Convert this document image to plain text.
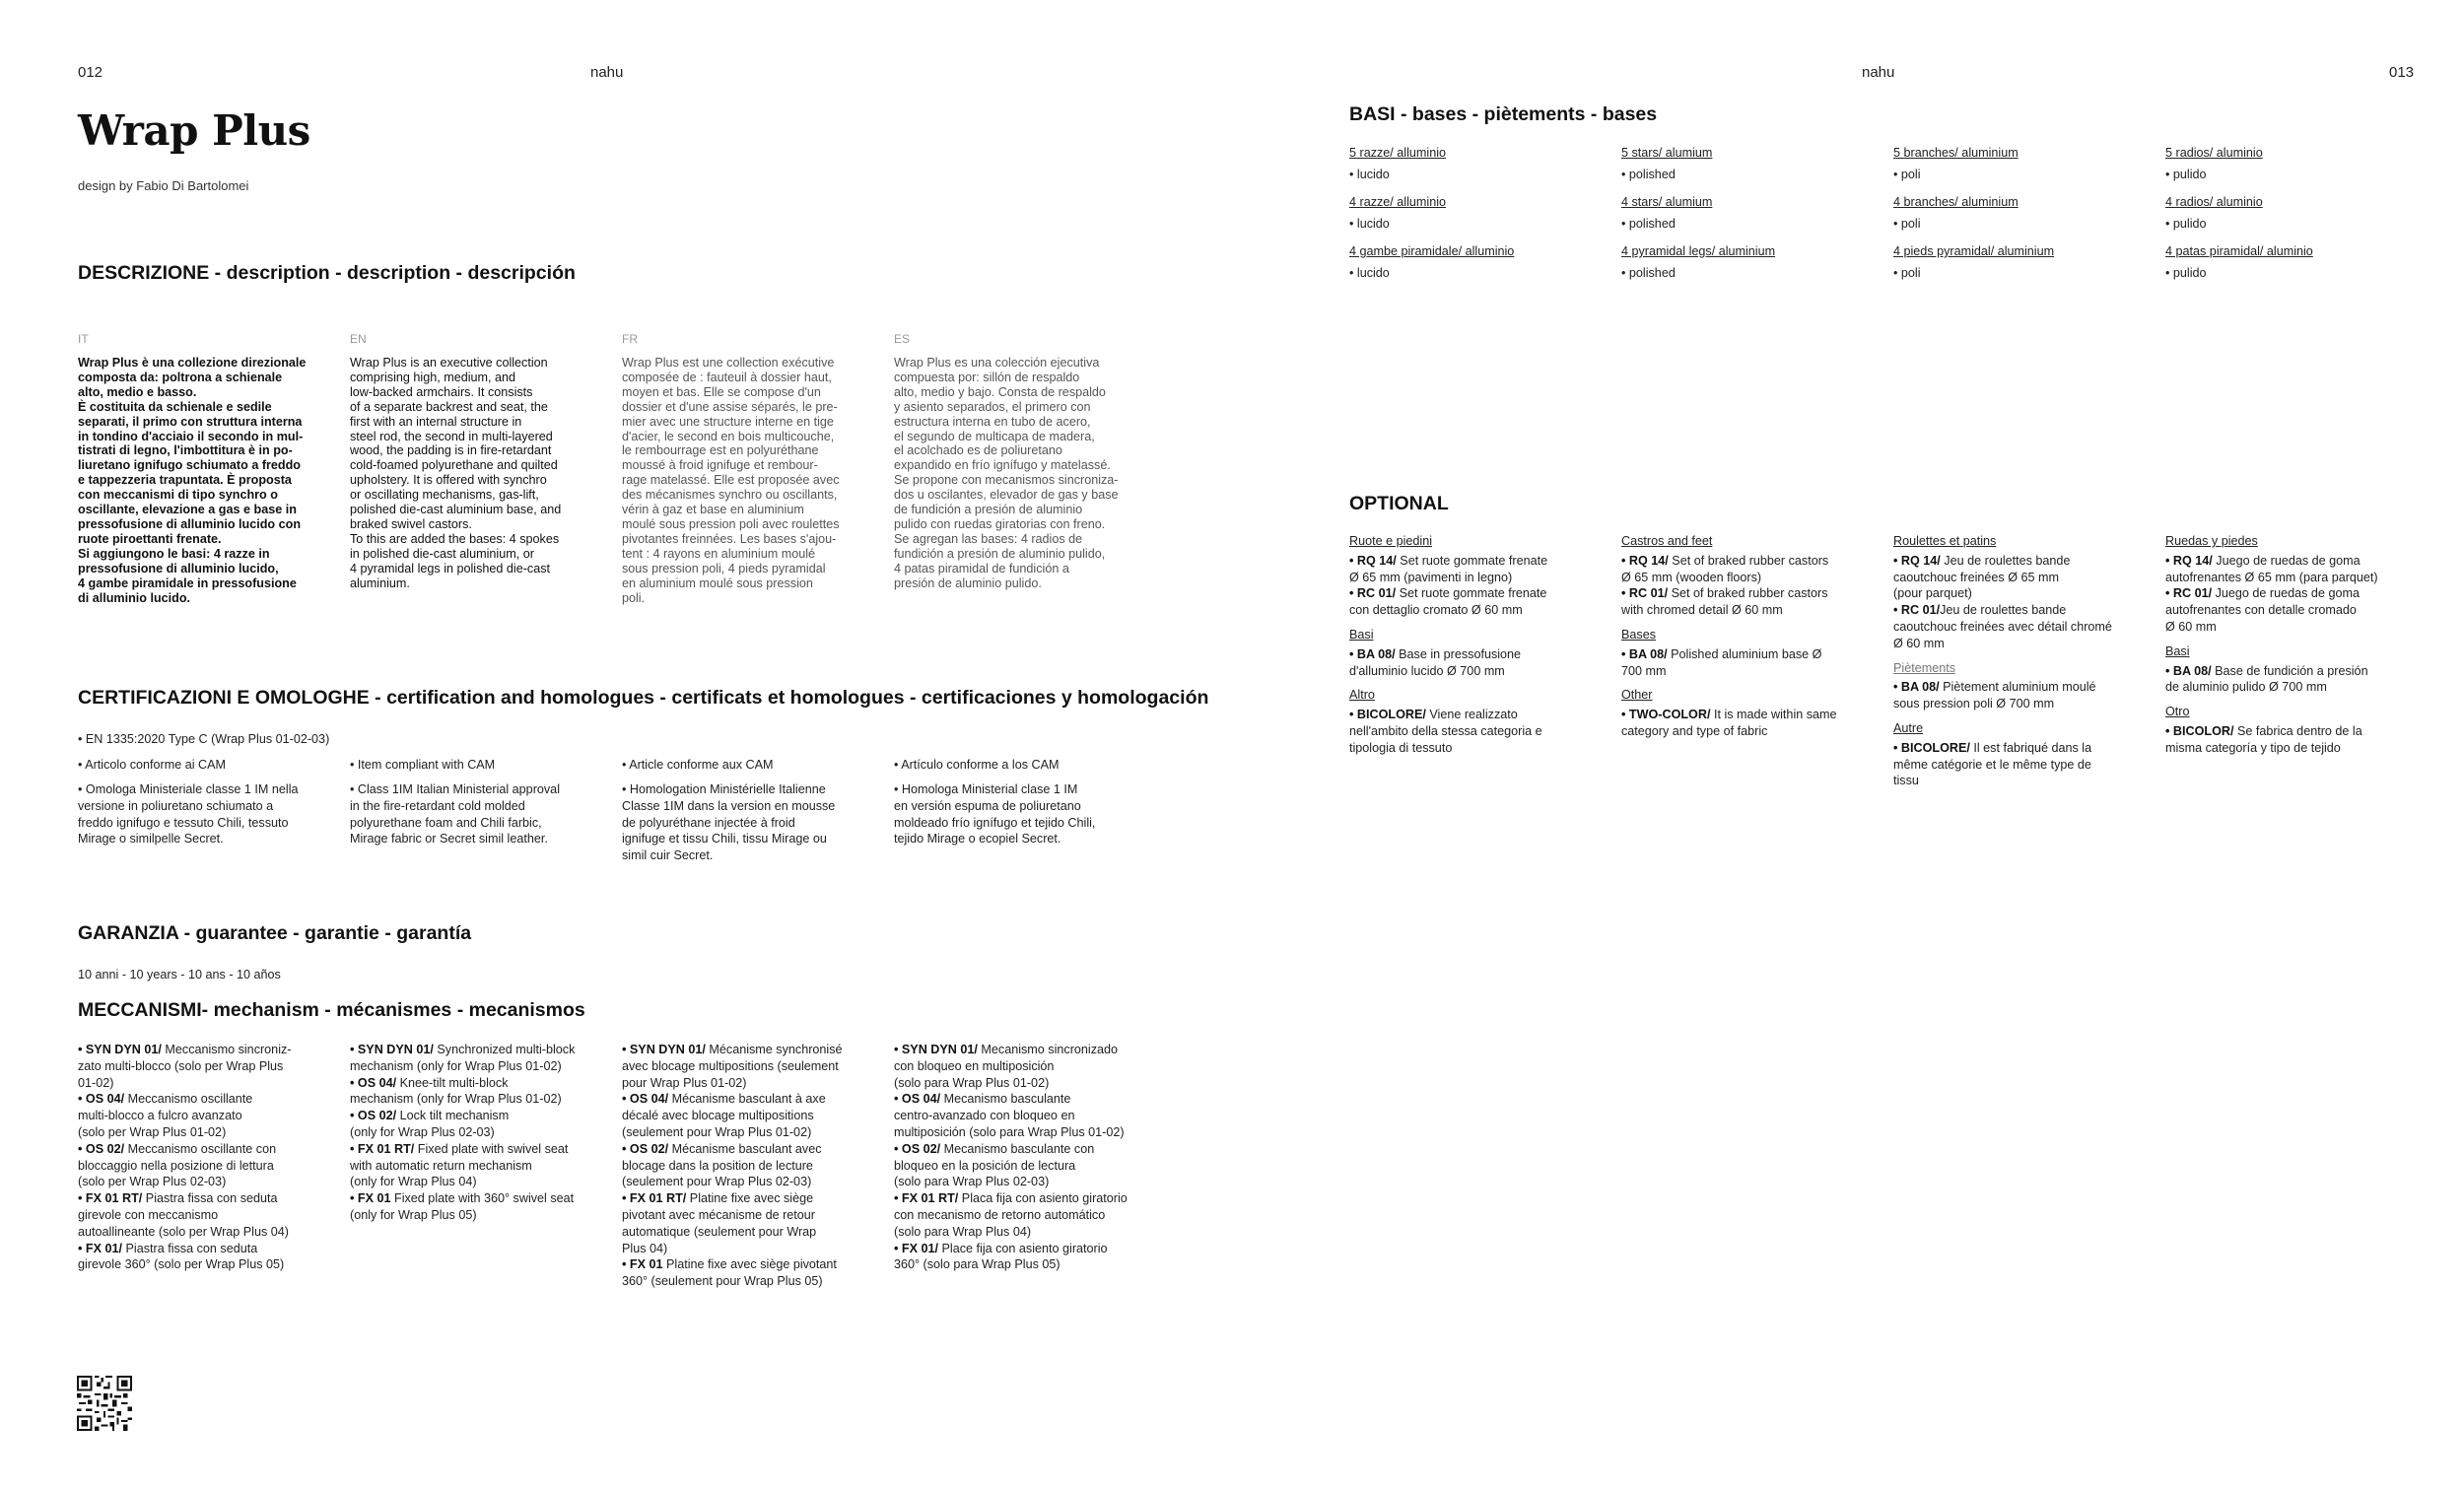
012	nahu	nahu	013
Wrap Plus
design by Fabio Di Bartolomei
DESCRIZIONE - description - description - descripción
IT

Wrap Plus è una collezione direzionale

composta da: poltrona a schienale

alto, medio e basso.

È costituita da schienale e sedile

separati, il primo con struttura interna

in tondino d'acciaio il secondo in mul-

tistrati di legno, l'imbottitura è in po-

liuretano ignifugo schiumato a freddo

e tappezzeria trapuntata. È proposta

con meccanismi di tipo synchro o

oscillante, elevazione a gas e base in

pressofusione di alluminio lucido con

ruote piroettanti frenate.

Si aggiungono le basi: 4 razze in

pressofusione di alluminio lucido,

4 gambe piramidale in pressofusione

di alluminio lucido.

EN

Wrap Plus is an executive collection

comprising high, medium, and

low-backed armchairs. It consists

of a separate backrest and seat, the

first with an internal structure in

steel rod, the second in multi-layered

wood, the padding is in fire-retardant

cold-foamed polyurethane and quilted

upholstery. It is offered with synchro

or oscillating mechanisms, gas-lift,

polished die-cast aluminium base, and

braked swivel castors.

To this are added the bases: 4 spokes

in polished die-cast aluminium, or

4 pyramidal legs in polished die-cast

aluminium.

FR

Wrap Plus est une collection exécutive

composée de : fauteuil à dossier haut,

moyen et bas. Elle se compose d'un

dossier et d'une assise séparés, le pre-

mier avec une structure interne en tige

d'acier, le second en bois multicouche,

le rembourrage est en polyuréthane

moussé à froid ignifuge et rembour-

rage matelassé. Elle est proposée avec

des mécanismes synchro ou oscillants,

vérin à gaz et base en aluminium

moulé sous pression poli avec roulettes

pivotantes freinnées. Les bases s'ajou-

tent : 4 rayons en aluminium moulé

sous pression poli, 4 pieds pyramidal

en aluminium moulé sous pression

poli.

ES

Wrap Plus es una colección ejecutiva

compuesta por: sillón de respaldo

alto, medio y bajo. Consta de respaldo

y asiento separados, el primero con

estructura interna en tubo de acero,

el segundo de multicapa de madera,

el acolchado es de poliuretano

expandido en frío ignífugo y matelassé.

Se propone con mecanismos sincroniza-

dos u oscilantes, elevador de gas y base

de fundición a presión de aluminio

pulido con ruedas giratorias con freno.

Se agregan las bases: 4 radios de

fundición a presión de aluminio pulido,

4 patas piramidal de fundición a

presión de aluminio pulido.

CERTIFICAZIONI E OMOLOGHE - certification and homologues - certificats et homologues - certificaciones y homologación
• EN 1335:2020 Type C (Wrap Plus 01-02-03)
• Articolo conforme ai CAM

• Omologa Ministeriale classe 1 IM nella

versione in poliuretano schiumato a

freddo ignifugo e tessuto Chili, tessuto

Mirage o similpelle Secret.

• Item compliant with CAM

• Class 1IM Italian Ministerial approval

in the fire-retardant cold molded

polyurethane foam and Chili farbic,

Mirage fabric or Secret simil leather.

• Article conforme aux CAM

• Homologation Ministérielle Italienne

Classe 1IM dans la version en mousse

de polyuréthane injectée à froid

ignifuge et tissu Chili, tissu Mirage ou

simil cuir Secret.

• Artículo conforme a los CAM

• Homologa Ministerial clase 1 IM

en versión espuma de poliuretano

moldeado frío ignífugo et tejido Chili,

tejido Mirage o ecopiel Secret.

GARANZIA - guarantee - garantie - garantía
10 anni - 10 years - 10 ans - 10 años
MECCANISMI- mechanism - mécanismes - mecanismos

• SYN DYN 01/ Meccanismo sincroniz-

zato multi-blocco (solo per Wrap Plus

01-02)

• OS 04/ Meccanismo oscillante

multi-blocco a fulcro avanzato

(solo per Wrap Plus 01-02)

• OS 02/ Meccanismo oscillante con

bloccaggio nella posizione di lettura

(solo per Wrap Plus 02-03)

• FX 01 RT/ Piastra fissa con seduta

girevole con meccanismo

autoallineante (solo per Wrap Plus 04)

• FX 01/ Piastra fissa con seduta

girevole 360° (solo per Wrap Plus 05)

• SYN DYN 01/ Synchronized multi-block

mechanism (only for Wrap Plus 01-02)

• OS 04/ Knee-tilt multi-block

mechanism (only for Wrap Plus 01-02)

• OS 02/ Lock tilt mechanism

(only for Wrap Plus 02-03)

• FX 01 RT/ Fixed plate with swivel seat

with automatic return mechanism

(only for Wrap Plus 04)

• FX 01 Fixed plate with 360° swivel seat

(only for Wrap Plus 05)

• SYN DYN 01/ Mécanisme synchronisé

avec blocage multipositions (seulement

pour Wrap Plus 01-02)

• OS 04/ Mécanisme basculant à axe

décalé avec blocage multipositions

(seulement pour Wrap Plus 01-02)

• OS 02/ Mécanisme basculant avec

blocage dans la position de lecture

(seulement pour Wrap Plus 02-03)

• FX 01 RT/ Platine fixe avec siège

pivotant avec mécanisme de retour

automatique (seulement pour Wrap

Plus 04)

• FX 01 Platine fixe avec siège pivotant

360° (seulement pour Wrap Plus 05)

• SYN DYN 01/ Mecanismo sincronizado

con bloqueo en multiposición

(solo para Wrap Plus 01-02)

• OS 04/ Mecanismo basculante

centro-avanzado con bloqueo en

multiposición (solo para Wrap Plus 01-02)

• OS 02/ Mecanismo basculante con

bloqueo en la posición de lectura

(solo para Wrap Plus 02-03)

• FX 01 RT/ Placa fija con asiento giratorio

con mecanismo de retorno automático

(solo para Wrap Plus 04)

• FX 01/ Place fija con asiento giratorio

360° (solo para Wrap Plus 05)

BASI - bases - piètements - bases
5 razze/ alluminio
• lucido
4 razze/ alluminio
• lucido
4 gambe piramidale/ alluminio
• lucido
5 stars/ alumium
• polished
4 stars/ alumium
• polished
4 pyramidal legs/ aluminium
• polished
5 branches/ aluminium
• poli
4 branches/ aluminium
• poli
4 pieds pyramidal/ aluminium
• poli
5 radios/ aluminio
• pulido
4 radios/ aluminio
• pulido
4 patas piramidal/ aluminio
• pulido
OPTIONAL

Ruote e piedini

• RQ 14/ Set ruote gommate frenate

Ø 65 mm (pavimenti in legno)

• RC 01/ Set ruote gommate frenate

con dettaglio cromato Ø 60 mm

Basi

• BA 08/ Base in pressofusione

d'alluminio lucido Ø 700 mm

Altro

• BICOLORE/ Viene realizzato

nell'ambito della stessa categoria e

tipologia di tessuto

Castros and feet

• RQ 14/ Set of braked rubber castors

Ø 65 mm (wooden floors)

• RC 01/ Set of braked rubber castors

with chromed detail Ø 60 mm

Bases

• BA 08/ Polished aluminium base Ø

700 mm

Other

• TWO-COLOR/ It is made within same

category and type of fabric

Roulettes et patins

• RQ 14/ Jeu de roulettes bande

caoutchouc freinées Ø 65 mm

(pour parquet)

• RC 01/Jeu de roulettes bande

caoutchouc freinées avec détail chromé

Ø 60 mm

Piètements

• BA 08/ Piètement aluminium moulé

sous pression poli Ø 700 mm

Autre

• BICOLORE/ Il est fabriqué dans la

même catégorie et le même type de

tissu

Ruedas y piedes

• RQ 14/ Juego de ruedas de goma

autofrenantes Ø 65 mm (para parquet)

• RC 01/ Juego de ruedas de goma

autofrenantes con detalle cromado

Ø 60 mm

Basi

• BA 08/ Base de fundición a presión

de aluminio pulido Ø 700 mm

Otro

• BICOLOR/ Se fabrica dentro de la

misma categoría y tipo de tejido
